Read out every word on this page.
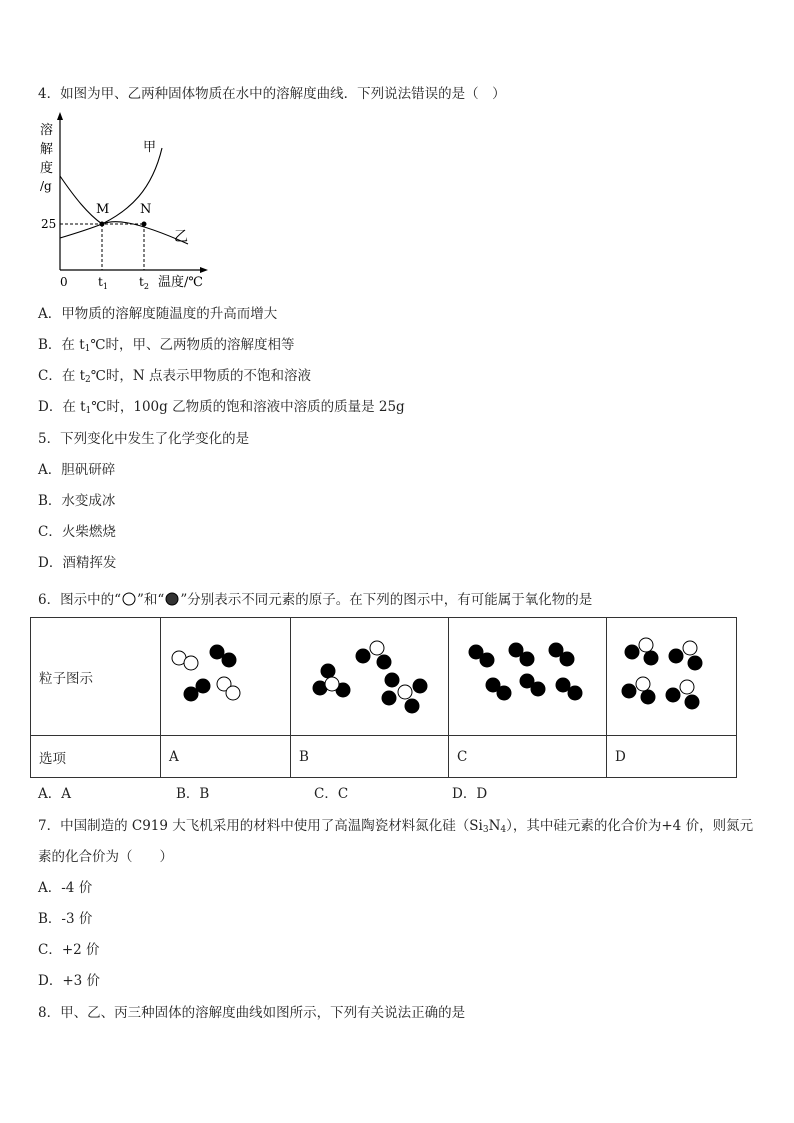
4．如图为甲、乙两种固体物质在水中的溶解度曲线．下列说法错误的是（　）
溶
解
度
/g
25
M N
甲
乙
0	$t_1$	$t_2$ 温度/℃
A．甲物质的溶解度随温度的升高而增大
B．在 $t_1℃$时，甲、乙两物质的溶解度相等
C．在 $t_2℃$时，N 点表示甲物质的不饱和溶液
D．在 $t_1℃$时，100g 乙物质的饱和溶液中溶质的质量是 25g
5．下列变化中发生了化学变化的是
A．胆矾研碎
B．水变成冰
C．火柴燃烧
D．酒精挥发
6．图示中的“ ”和“ ”分别表示不同元素的原子。在下列的图示中，有可能属于氧化物的是
粒子图示				
选项	A	B	C	D
A．A	B．B	C．C	D．D
7．中国制造的 C919 大飞机采用的材料中使用了高温陶瓷材料氮化硅$(Si_3N_4)$，其中硅元素的化合价为+4 价，则氮元
素的化合价为（　　）
A．-4 价
B．-3 价
C．+2 价
D．+3 价
8．甲、乙、丙三种固体的溶解度曲线如图所示，下列有关说法正确的是
